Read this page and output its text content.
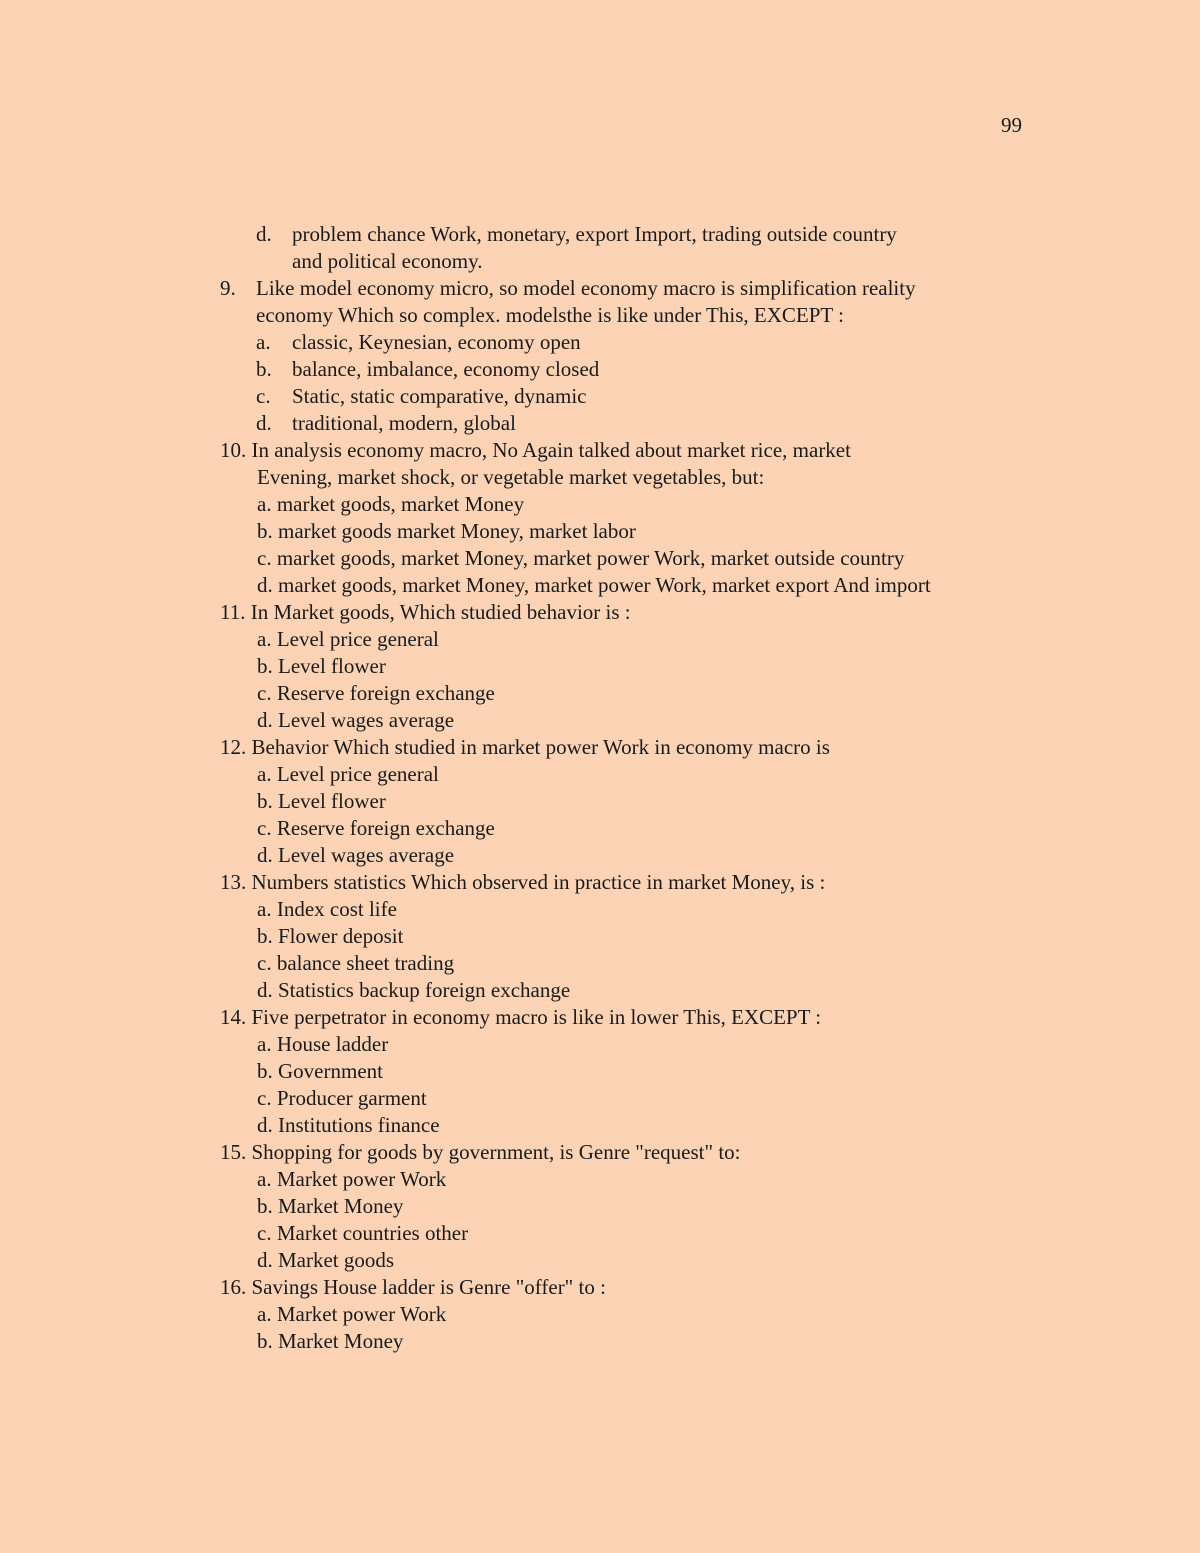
99
d. problem chance Work, monetary, export Import, trading outside country
and political economy.
9. Like model economy micro, so model economy macro is simplification reality
economy Which so complex. modelsthe is like under This, EXCEPT :
a. classic, Keynesian, economy open
b. balance, imbalance, economy closed
c. Static, static comparative, dynamic
d. traditional, modern, global
10. In analysis economy macro, No Again talked about market rice, market
Evening, market shock, or vegetable market vegetables, but:
a. market goods, market Money
b. market goods market Money, market labor
c. market goods, market Money, market power Work, market outside country
d. market goods, market Money, market power Work, market export And import
11. In Market goods, Which studied behavior is :
a. Level price general
b. Level flower
c. Reserve foreign exchange
d. Level wages average
12. Behavior Which studied in market power Work in economy macro is
a. Level price general
b. Level flower
c. Reserve foreign exchange
d. Level wages average
13. Numbers statistics Which observed in practice in market Money, is :
a. Index cost life
b. Flower deposit
c. balance sheet trading
d. Statistics backup foreign exchange
14. Five perpetrator in economy macro is like in lower This, EXCEPT :
a. House ladder
b. Government
c. Producer garment
d. Institutions finance
15. Shopping for goods by government, is Genre "request" to:
a. Market power Work
b. Market Money
c. Market countries other
d. Market goods
16. Savings House ladder is Genre "offer" to :
a. Market power Work
b. Market Money
